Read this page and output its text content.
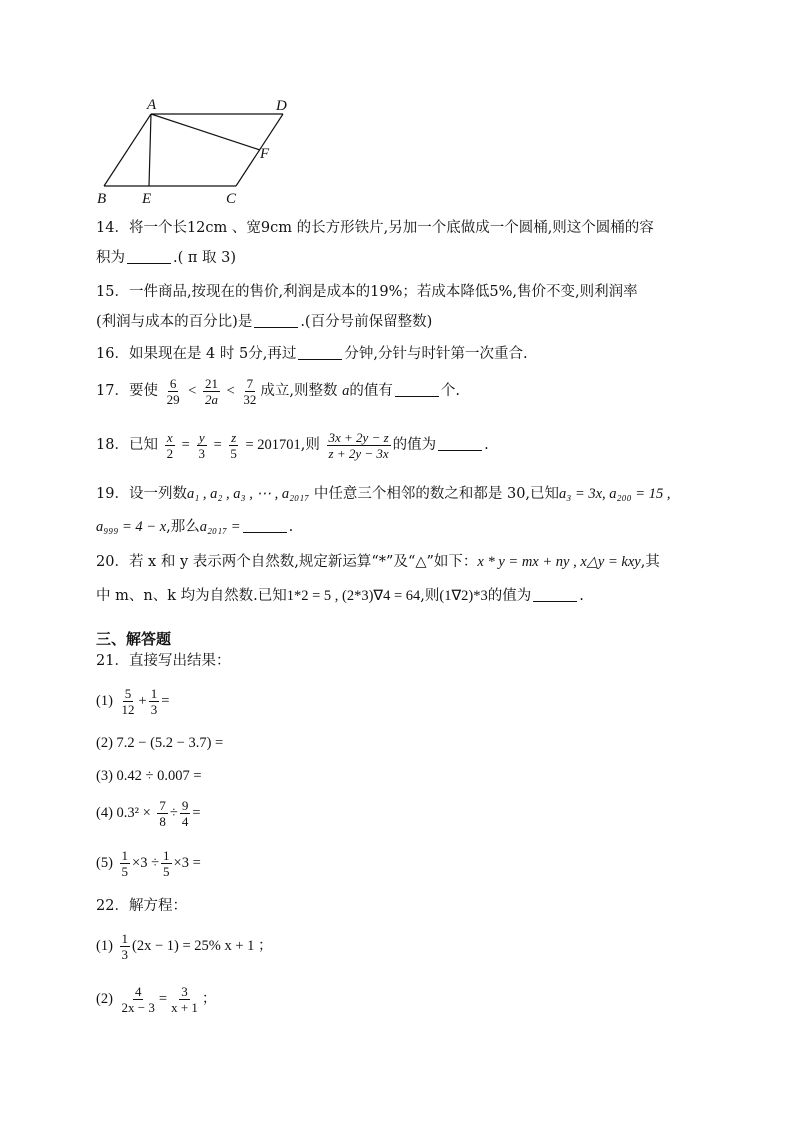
A	D
F
B E	C
14．将一个长12cm 、宽9cm 的长方形铁片,另加一个底做成一个圆桶,则这个圆桶的容
积为	.( π 取 3)
15．一件商品,按现在的售价,利润是成本的19%；若成本降低5%,售价不变,则利润率
(利润与成本的百分比)是	.(百分号前保留整数)
16．如果现在是 4 时 5分,再过	分钟,分针与时针第一次重合.
17．要使 $\frac{6}{29} < \frac{21}{2a} < \frac{7}{32}$ 成立,则整数 a的值有	个.
18．已知 $\frac{x}{2} = \frac{y}{3} = \frac{z}{5} = 201701$,则 $\frac{3x + 2y - z}{z + 2y - 3x}$ 的值为	.
19．设一列数a₁ , a₂ , a₃ , ⋯ , a₂₀₁₇ 中任意三个相邻的数之和都是 30,已知a₃ = 3x, a₂₀₀ = 15 ,
a₉₉₉ = 4 − x,那么a₂₀₁₇ =	.
20．若 x 和 y 表示两个自然数,规定新运算“*”及“△”如下：x * y = mx + ny , x△y = kxy,其
中 m、n、k 均为自然数.已知1*2 = 5 , (2*3)∇4 = 64,则(1∇2)*3的值为	.
三、解答题
21．直接写出结果：
$(1) \frac{5}{12} + \frac{1}{3}$ =
(2) 7.2 − (5.2 − 3.7) =
(3) 0.42 ÷ 0.007 =
(4) $0.3^2 \times \frac{7}{8} \div \frac{9}{4}$ =
$(5) \frac{1}{5} \times 3 \div \frac{1}{5} \times 3$ =
22．解方程：
$(1) \frac{1}{3} (2x - 1) = 25\%$ x + 1 ；
$(2) \frac{4}{2x - 3} = \frac{3}{x + 1}$ ；
